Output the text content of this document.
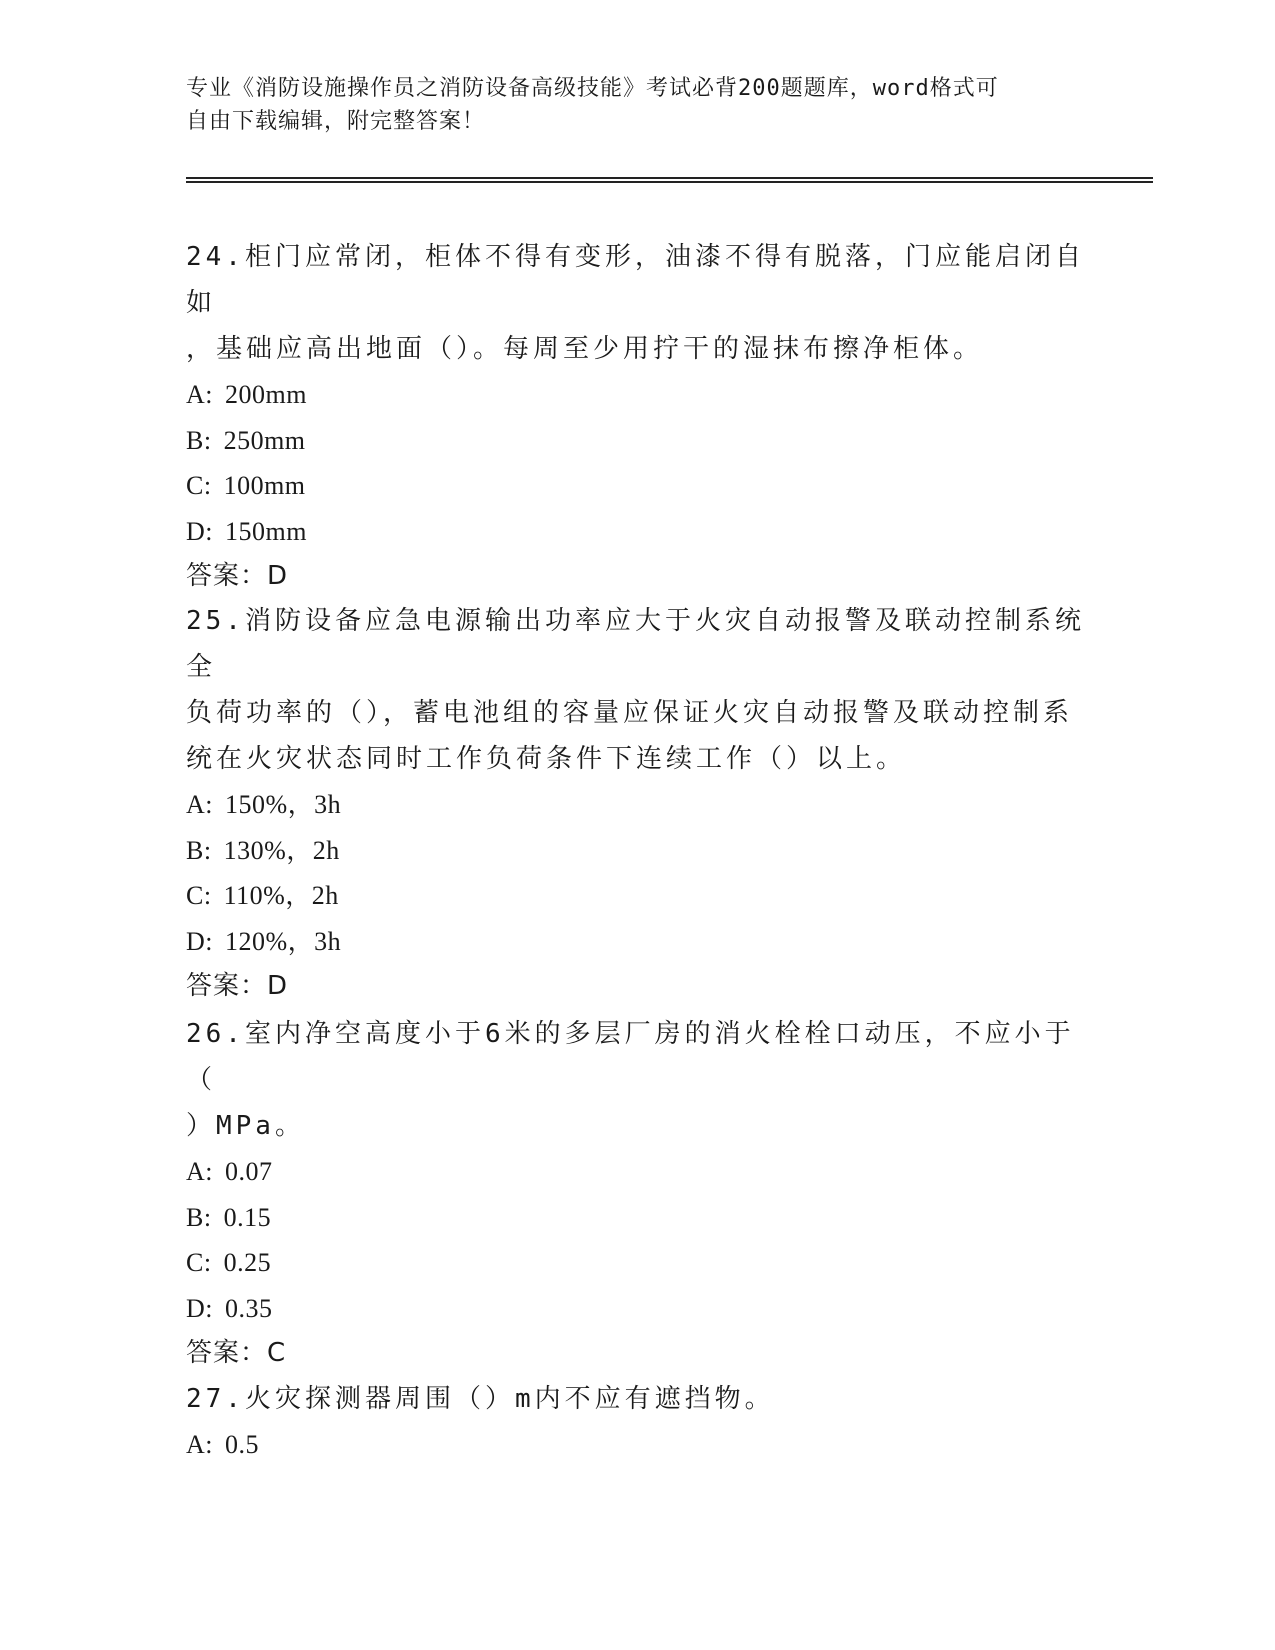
专业《消防设施操作员之消防设备高级技能》考试必背200题题库，word格式可
自由下载编辑，附完整答案！

24.柜门应常闭，柜体不得有变形，油漆不得有脱落，门应能启闭自如

，基础应高出地面（）。每周至少用拧干的湿抹布擦净柜体。

A: 200mm

B: 250mm

C: 100mm

D: 150mm

答案：D

25.消防设备应急电源输出功率应大于火灾自动报警及联动控制系统全

负荷功率的（），蓄电池组的容量应保证火灾自动报警及联动控制系

统在火灾状态同时工作负荷条件下连续工作（）以上。

A: 150%，3h

B: 130%，2h

C: 110%，2h

D: 120%，3h

答案：D

26.室内净空高度小于6米的多层厂房的消火栓栓口动压，不应小于（

）MPa。

A: 0.07

B: 0.15

C: 0.25

D: 0.35

答案：C

27.火灾探测器周围（）m内不应有遮挡物。

A: 0.5
